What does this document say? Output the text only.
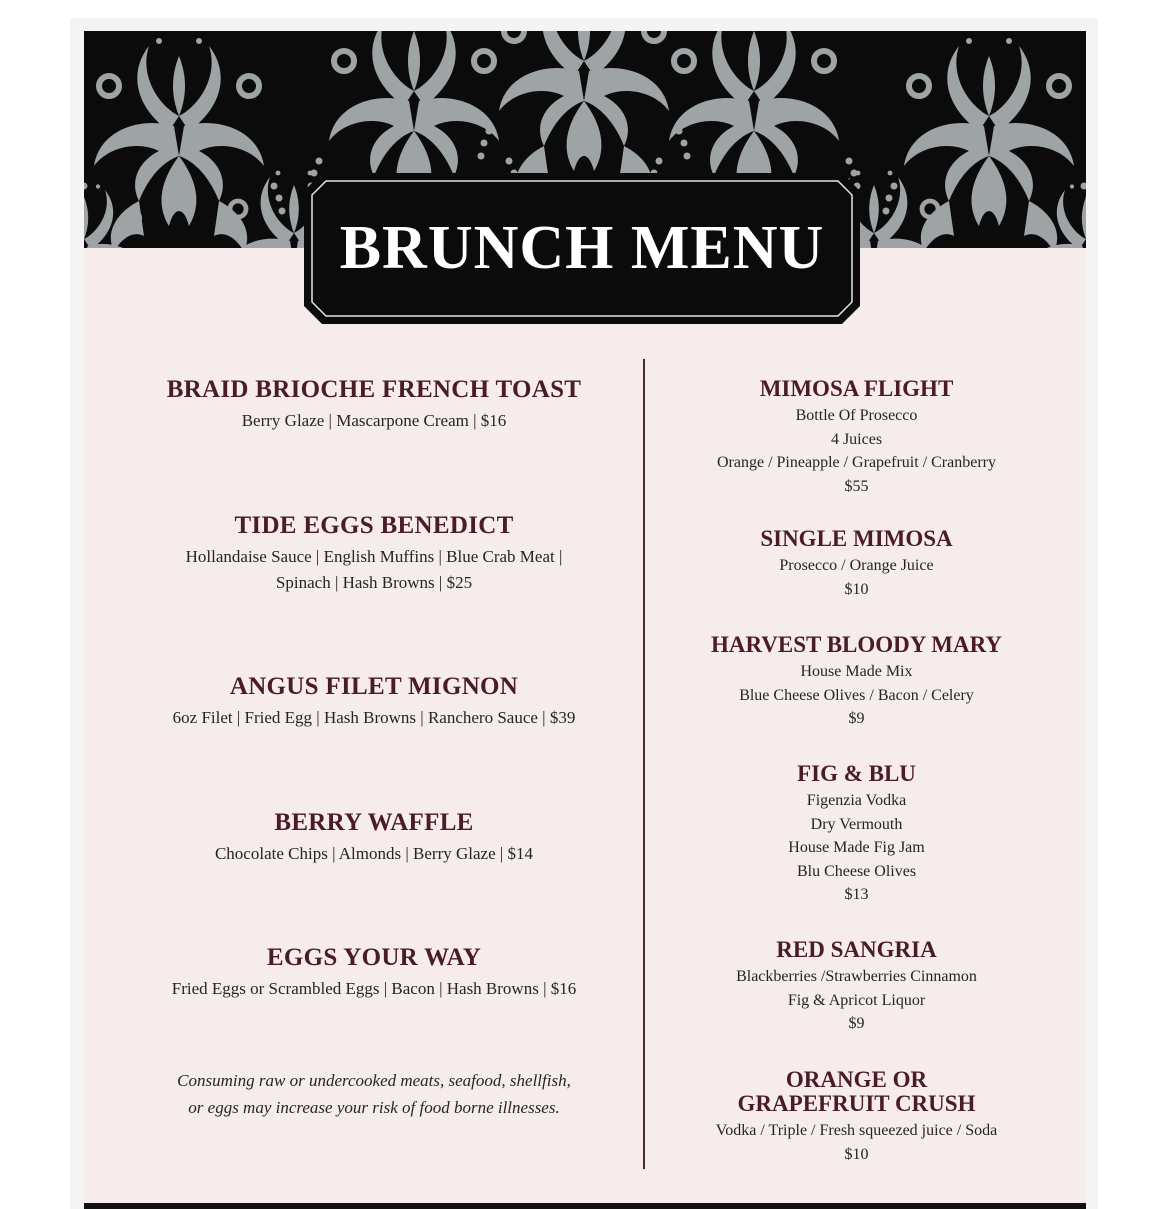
BRUNCH MENU
BRAID BRIOCHE FRENCH TOAST
Berry Glaze | Mascarpone Cream | $16
TIDE EGGS BENEDICT
Hollandaise Sauce | English Muffins | Blue Crab Meat |
Spinach | Hash Browns | $25
ANGUS FILET MIGNON
6oz Filet | Fried Egg | Hash Browns | Ranchero Sauce | $39
BERRY WAFFLE
Chocolate Chips | Almonds | Berry Glaze | $14
EGGS YOUR WAY
Fried Eggs or Scrambled Eggs | Bacon | Hash Browns | $16
Consuming raw or undercooked meats, seafood, shellfish,
or eggs may increase your risk of food borne illnesses.
MIMOSA FLIGHT
Bottle Of Prosecco
4 Juices
Orange / Pineapple / Grapefruit / Cranberry
$55
SINGLE MIMOSA
Prosecco / Orange Juice
$10
HARVEST BLOODY MARY
House Made Mix
Blue Cheese Olives / Bacon / Celery
$9
FIG & BLU
Figenzia Vodka
Dry Vermouth
House Made Fig Jam
Blu Cheese Olives
$13
RED SANGRIA
Blackberries /Strawberries Cinnamon
Fig & Apricot Liquor
$9
ORANGE OR
GRAPEFRUIT CRUSH
Vodka / Triple / Fresh squeezed juice / Soda
$10
